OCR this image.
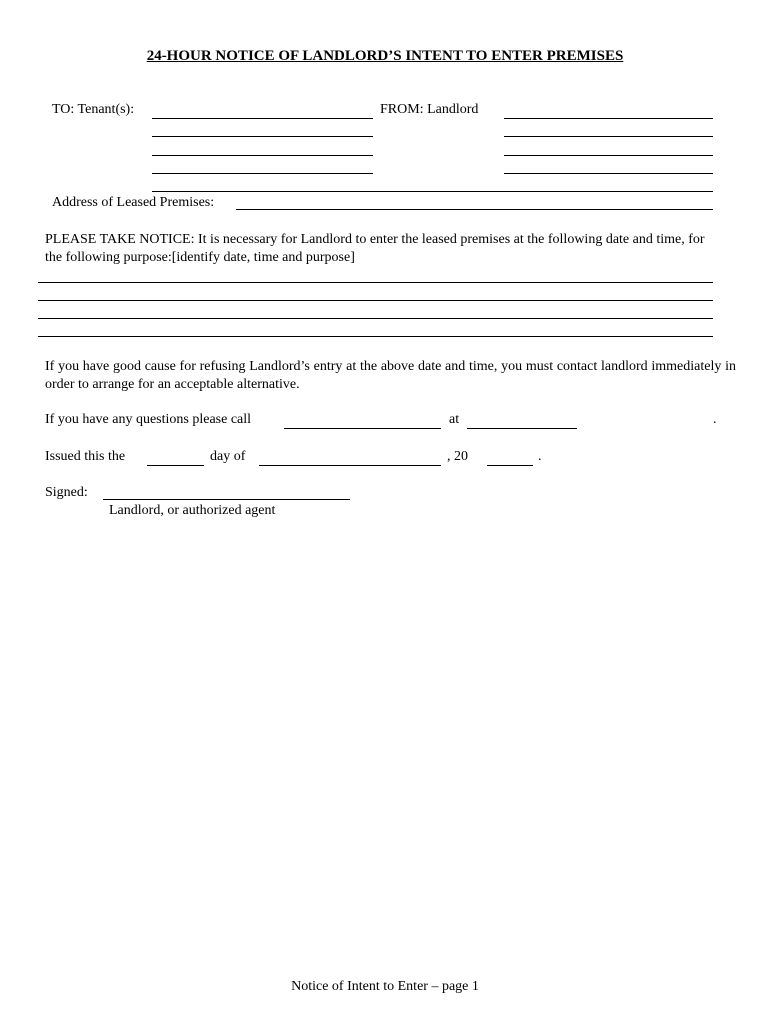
24-HOUR NOTICE OF LANDLORD’S INTENT TO ENTER PREMISES
TO: Tenant(s):	FROM: Landlord
Address of Leased Premises:
PLEASE TAKE NOTICE: It is necessary for Landlord to enter the leased premises at the following date and time, for the following purpose:[identify date, time and purpose]
If you have good cause for refusing Landlord’s entry at the above date and time, you must contact landlord immediately in order to arrange for an acceptable alternative.
If you have any questions please call	at	.
Issued this the	day of	, 20	.
Signed:
Landlord, or authorized agent
Notice of Intent to Enter – page 1
